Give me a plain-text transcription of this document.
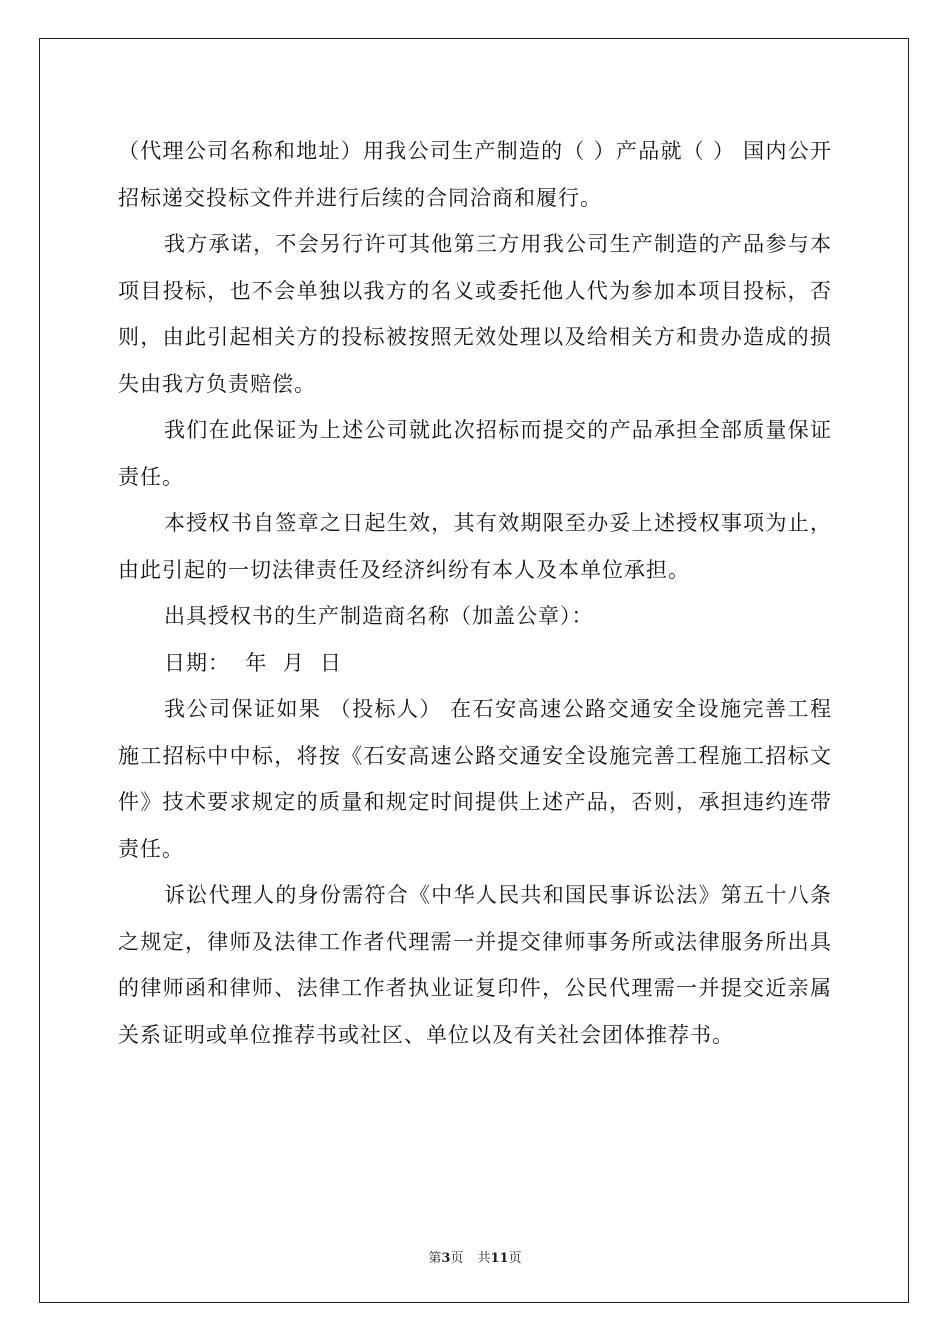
（代理公司名称和地址）用我公司生产制造的（ ）产品就（ ） 国内公开招标递交投标文件并进行后续的合同洽商和履行。

我方承诺，不会另行许可其他第三方用我公司生产制造的产品参与本项目投标，也不会单独以我方的名义或委托他人代为参加本项目投标，否则，由此引起相关方的投标被按照无效处理以及给相关方和贵办造成的损失由我方负责赔偿。

我们在此保证为上述公司就此次招标而提交的产品承担全部质量保证责任。

本授权书自签章之日起生效，其有效期限至办妥上述授权事项为止，由此引起的一切法律责任及经济纠纷有本人及本单位承担。

出具授权书的生产制造商名称（加盖公章）：

日期：  年  月  日

我公司保证如果 （投标人） 在石安高速公路交通安全设施完善工程施工招标中中标，将按《石安高速公路交通安全设施完善工程施工招标文件》技术要求规定的质量和规定时间提供上述产品，否则，承担违约连带责任。

诉讼代理人的身份需符合《中华人民共和国民事诉讼法》第五十八条之规定，律师及法律工作者代理需一并提交律师事务所或法律服务所出具的律师函和律师、法律工作者执业证复印件，公民代理需一并提交近亲属关系证明或单位推荐书或社区、单位以及有关社会团体推荐书。

第3页 共11页
